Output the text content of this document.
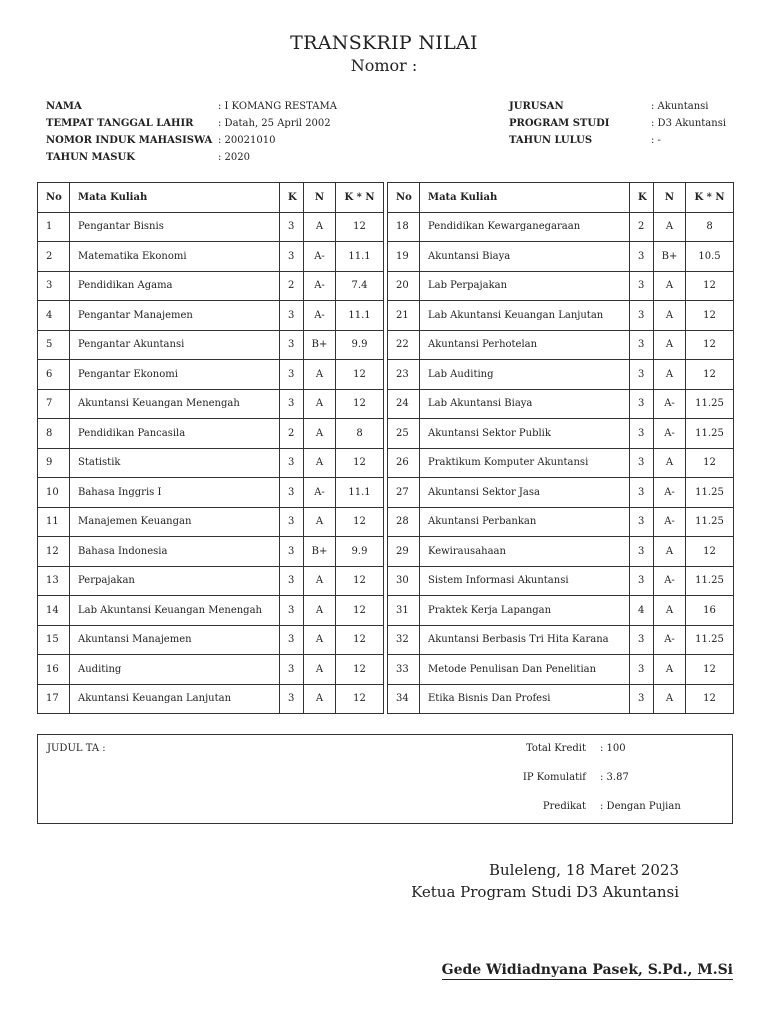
TRANSKRIP NILAI
Nomor :
NAMA	: I KOMANG RESTAMA
TEMPAT TANGGAL LAHIR	: Datah, 25 April 2002
NOMOR INDUK MAHASISWA : 20021010
TAHUN MASUK	: 2020
JURUSAN	: Akuntansi
PROGRAM STUDI	: D3 Akuntansi
TAHUN LULUS	: -
No	Mata Kuliah	K	N	K * N		No	Mata Kuliah	K	N	K * N
1	Pengantar Bisnis	3	A	12		18	Pendidikan Kewarganegaraan	2	A	8
2	Matematika Ekonomi	3	A-	11.1		19	Akuntansi Biaya	3	B+	10.5
3	Pendidikan Agama	2	A-	7.4		20	Lab Perpajakan	3	A	12
4	Pengantar Manajemen	3	A-	11.1		21	Lab Akuntansi Keuangan Lanjutan	3	A	12
5	Pengantar Akuntansi	3	B+	9.9		22	Akuntansi Perhotelan	3	A	12
6	Pengantar Ekonomi	3	A	12		23	Lab Auditing	3	A	12
7	Akuntansi Keuangan Menengah	3	A	12		24	Lab Akuntansi Biaya	3	A-	11.25
8	Pendidikan Pancasila	2	A	8		25	Akuntansi Sektor Publik	3	A-	11.25
9	Statistik	3	A	12		26	Praktikum Komputer Akuntansi	3	A	12
10	Bahasa Inggris I	3	A-	11.1		27	Akuntansi Sektor Jasa	3	A-	11.25
11	Manajemen Keuangan	3	A	12		28	Akuntansi Perbankan	3	A-	11.25
12	Bahasa Indonesia	3	B+	9.9		29	Kewirausahaan	3	A	12
13	Perpajakan	3	A	12		30	Sistem Informasi Akuntansi	3	A-	11.25
14	Lab Akuntansi Keuangan Menengah	3	A	12		31	Praktek Kerja Lapangan	4	A	16
15	Akuntansi Manajemen	3	A	12		32	Akuntansi Berbasis Tri Hita Karana	3	A-	11.25
16	Auditing	3	A	12		33	Metode Penulisan Dan Penelitian	3	A	12
17	Akuntansi Keuangan Lanjutan	3	A	12		34	Etika Bisnis Dan Profesi	3	A	12
JUDUL TA :	Total Kredit	: 100
IP Komulatif	: 3.87
Predikat	: Dengan Pujian
Buleleng, 18 Maret 2023
Ketua Program Studi D3 Akuntansi
Gede Widiadnyana Pasek, S.Pd., M.Si
